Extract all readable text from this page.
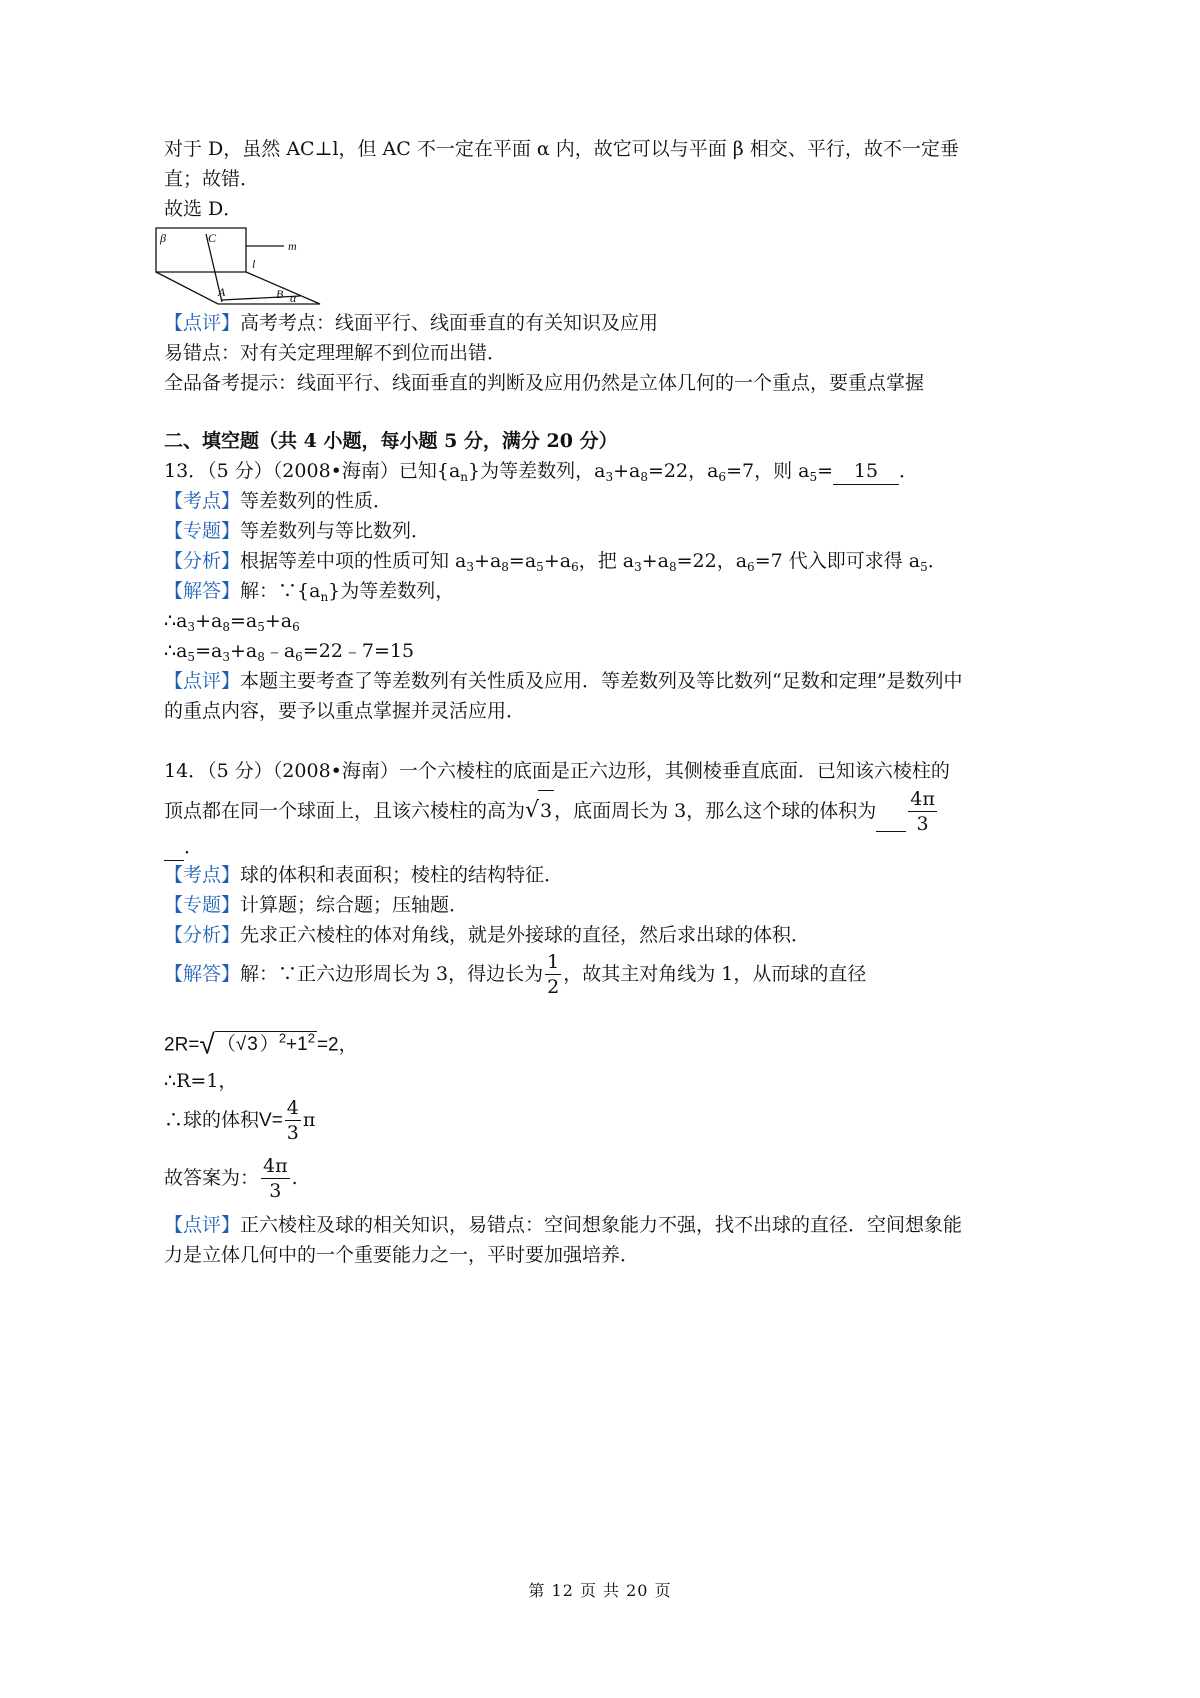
对于 D，虽然 AC⊥l，但 AC 不一定在平面 α 内，故它可以与平面 β 相交、平行，故不一定垂
直；故错．
故选 D．
β	C
m
l
A	B α
【点评】高考考点：线面平行、线面垂直的有关知识及应用
易错点：对有关定理理解不到位而出错．
全品备考提示：线面平行、线面垂直的判断及应用仍然是立体几何的一个重点，要重点掌握
二、填空题（共 4 小题，每小题 5 分，满分 20 分）
13．（5 分）（2008•海南）已知$\{a_n\}$为等差数列，$a_3+a_8=22$，$a_6=7$，则 $a_5= 15$ ．
【考点】等差数列的性质．
【专题】等差数列与等比数列．
【分析】根据等差中项的性质可知 $a_3+a_8=a_5+a_6$，把 $a_3+a_8=22$，$a_6=7$ 代入即可求得 $a_5$．
【解答】解：$\because\{a_n\}$为等差数列，
$\therefore a_3+a_8=a_5+a_6$
$\therefore a_5=a_3+a_8﹣a_6=22﹣7=15$
【点评】本题主要考查了等差数列有关性质及应用．等差数列及等比数列“足数和定理”是数列中
的重点内容，要予以重点掌握并灵活应用．
14．（5 分）（2008•海南）一个六棱柱的底面是正六边形，其侧棱垂直底面．已知该六棱柱的
顶点都在同一个球面上，且该六棱柱的高为√3 ，底面周长为 3，那么这个球的体积为 $\frac{4\pi}{3}$
．
【考点】球的体积和表面积；棱柱的结构特征．
【专题】计算题；综合题；压轴题．
【分析】先求正六棱柱的体对角线，就是外接球的直径，然后求出球的体积．
【解答】解：∵正六边形周长为 3，得边长为 $\frac{1}{2}$ ，故其主对角线为 1，从而球的直径
2R=√ （√3 ）$^2+1^2 =2$，
∴R=1，
∴球的体积$V= \frac{4}{3}$ π
故答案为： $\frac{4\pi}{3}$ .
【点评】正六棱柱及球的相关知识，易错点：空间想象能力不强，找不出球的直径．空间想象能
力是立体几何中的一个重要能力之一，平时要加强培养．
第 12 页 共 20 页
